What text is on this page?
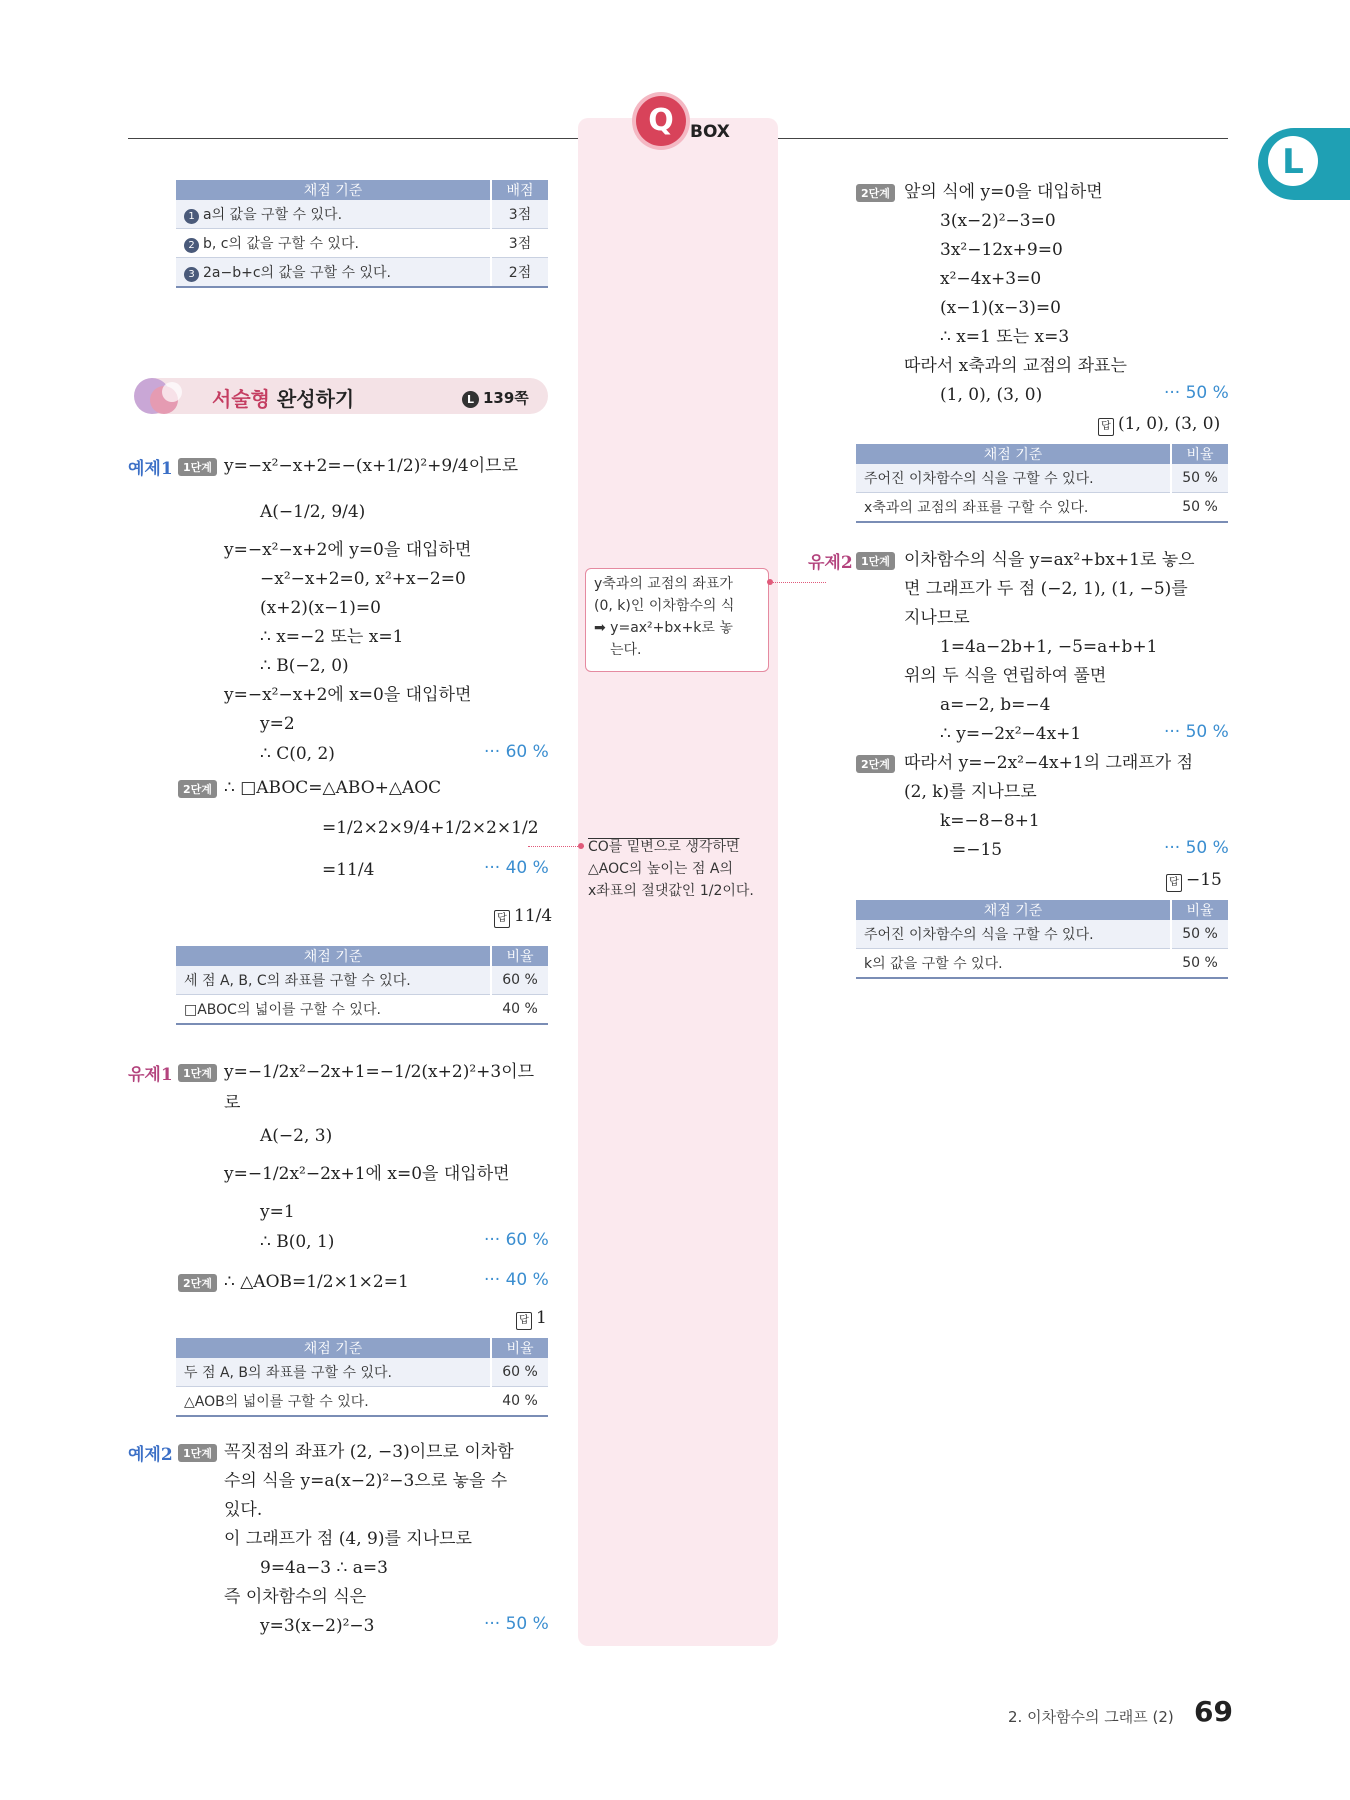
Q BOX
L
채점 기준	배점
1 a의 값을 구할 수 있다.	3점
2 b, c의 값을 구할 수 있다.	3점
3 2a−b+c의 값을 구할 수 있다.	2점
서술형 완성하기	L 139쪽
예제1 1단계 y=−x²−x+2=−(x+1/2)²+9/4이므로
A(−1/2, 9/4)
y=−x²−x+2에 y=0을 대입하면
−x²−x+2=0, x²+x−2=0
(x+2)(x−1)=0
∴ x=−2 또는 x=1
∴ B(−2, 0)
y=−x²−x+2에 x=0을 대입하면
y=2
∴ C(0, 2)	··· 60 %
2단계 ∴ □ABOC=△ABO+△AOC
=1/2×2×9/4+1/2×2×1/2
=11/4	··· 40 %
답 11/4
채점 기준	비율
세 점 A, B, C의 좌표를 구할 수 있다.	60 %
□ABOC의 넓이를 구할 수 있다.	40 %
유제1 1단계 y=−1/2x²−2x+1=−1/2(x+2)²+3이므
로
A(−2, 3)
y=−1/2x²−2x+1에 x=0을 대입하면
y=1
∴ B(0, 1)	··· 60 %
2단계 ∴ △AOB=1/2×1×2=1	··· 40 %
답 1
채점 기준	비율
두 점 A, B의 좌표를 구할 수 있다.	60 %
△AOB의 넓이를 구할 수 있다.	40 %
예제2 1단계 꼭짓점의 좌표가 (2, −3)이므로 이차함
수의 식을 y=a(x−2)²−3으로 놓을 수
있다.
이 그래프가 점 (4, 9)를 지나므로
9=4a−3 ∴ a=3
즉 이차함수의 식은
y=3(x−2)²−3	··· 50 %
y축과의 교점의 좌표가
(0, k)인 이차함수의 식
➡ y=ax²+bx+k로 놓
는다.
CO를 밑변으로 생각하면
△AOC의 높이는 점 A의
x좌표의 절댓값인 1/2이다.
2단계 앞의 식에 y=0을 대입하면
3(x−2)²−3=0
3x²−12x+9=0
x²−4x+3=0
(x−1)(x−3)=0
∴ x=1 또는 x=3
따라서 x축과의 교점의 좌표는
(1, 0), (3, 0)	··· 50 %
답 (1, 0), (3, 0)
채점 기준	비율
주어진 이차함수의 식을 구할 수 있다.	50 %
x축과의 교점의 좌표를 구할 수 있다.	50 %
유제2 1단계 이차함수의 식을 y=ax²+bx+1로 놓으
면 그래프가 두 점 (−2, 1), (1, −5)를
지나므로
1=4a−2b+1, −5=a+b+1
위의 두 식을 연립하여 풀면
a=−2, b=−4
∴ y=−2x²−4x+1	··· 50 %
2단계 따라서 y=−2x²−4x+1의 그래프가 점
(2, k)를 지나므로
k=−8−8+1
=−15	··· 50 %
답 −15
채점 기준	비율
주어진 이차함수의 식을 구할 수 있다.	50 %
k의 값을 구할 수 있다.	50 %
2. 이차함수의 그래프 (2) 69
